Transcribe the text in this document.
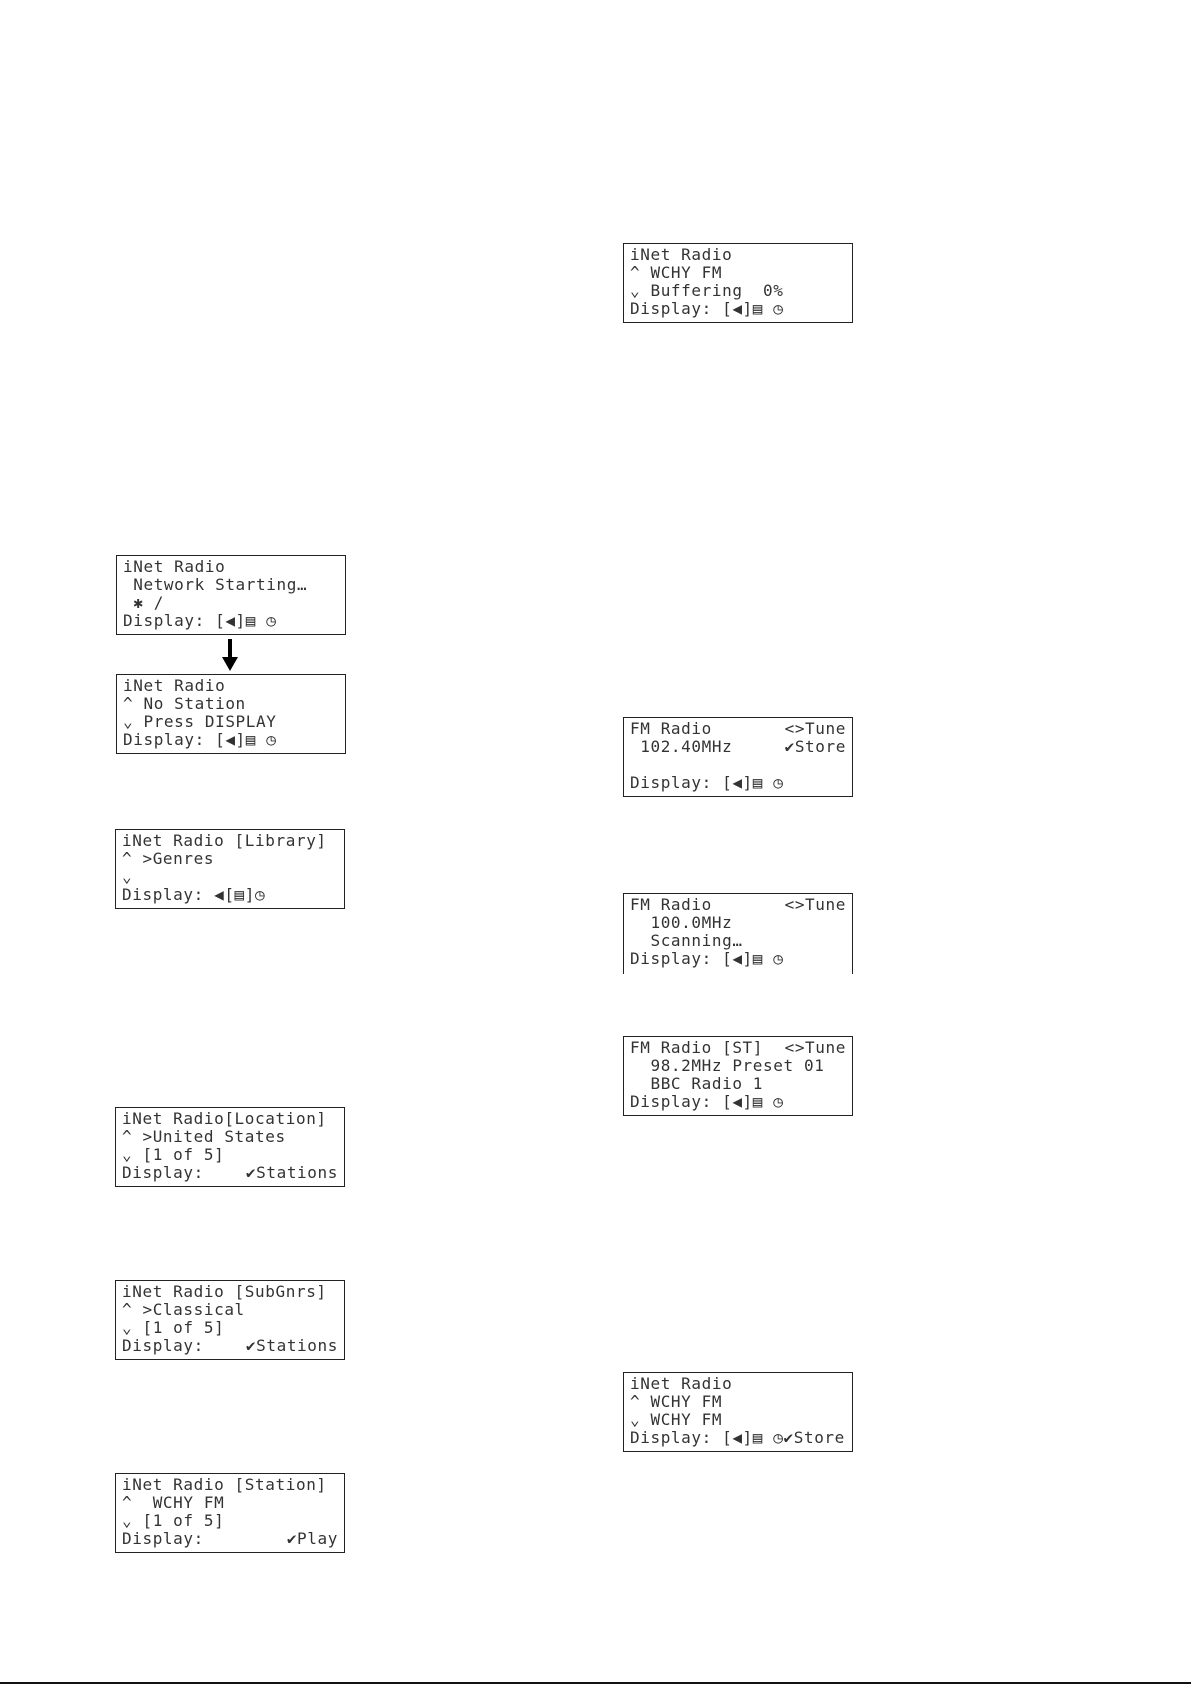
iNet Radio
Network Starting…
✱ /
Display: [◀]▤ ◷
iNet Radio
^ No Station
⌄ Press DISPLAY
Display: [◀]▤ ◷
iNet Radio [Library]
^ >Genres
⌄
Display: ◀[▤]◷
iNet Radio[Location]
^ >United States
⌄ [1 of 5]

Display:

	✔Stations

iNet Radio [SubGnrs]
^ >Classical
⌄ [1 of 5]

Display:

	✔Stations

iNet Radio [Station]
^  WCHY FM
⌄ [1 of 5]

Display:

	✔Play

iNet Radio
^ WCHY FM
⌄ Buffering  0%
Display: [◀]▤ ◷

FM Radio

	<>Tune

102.40MHz

	✔Store

Display: [◀]▤ ◷

FM Radio

	<>Tune

100.0MHz
Scanning…
Display: [◀]▤ ◷

FM Radio [ST]

<>Tune

98.2MHz Preset 01
BBC Radio 1
Display: [◀]▤ ◷
iNet Radio
^ WCHY FM
⌄ WCHY FM
Display: [◀]▤ ◷✔Store
